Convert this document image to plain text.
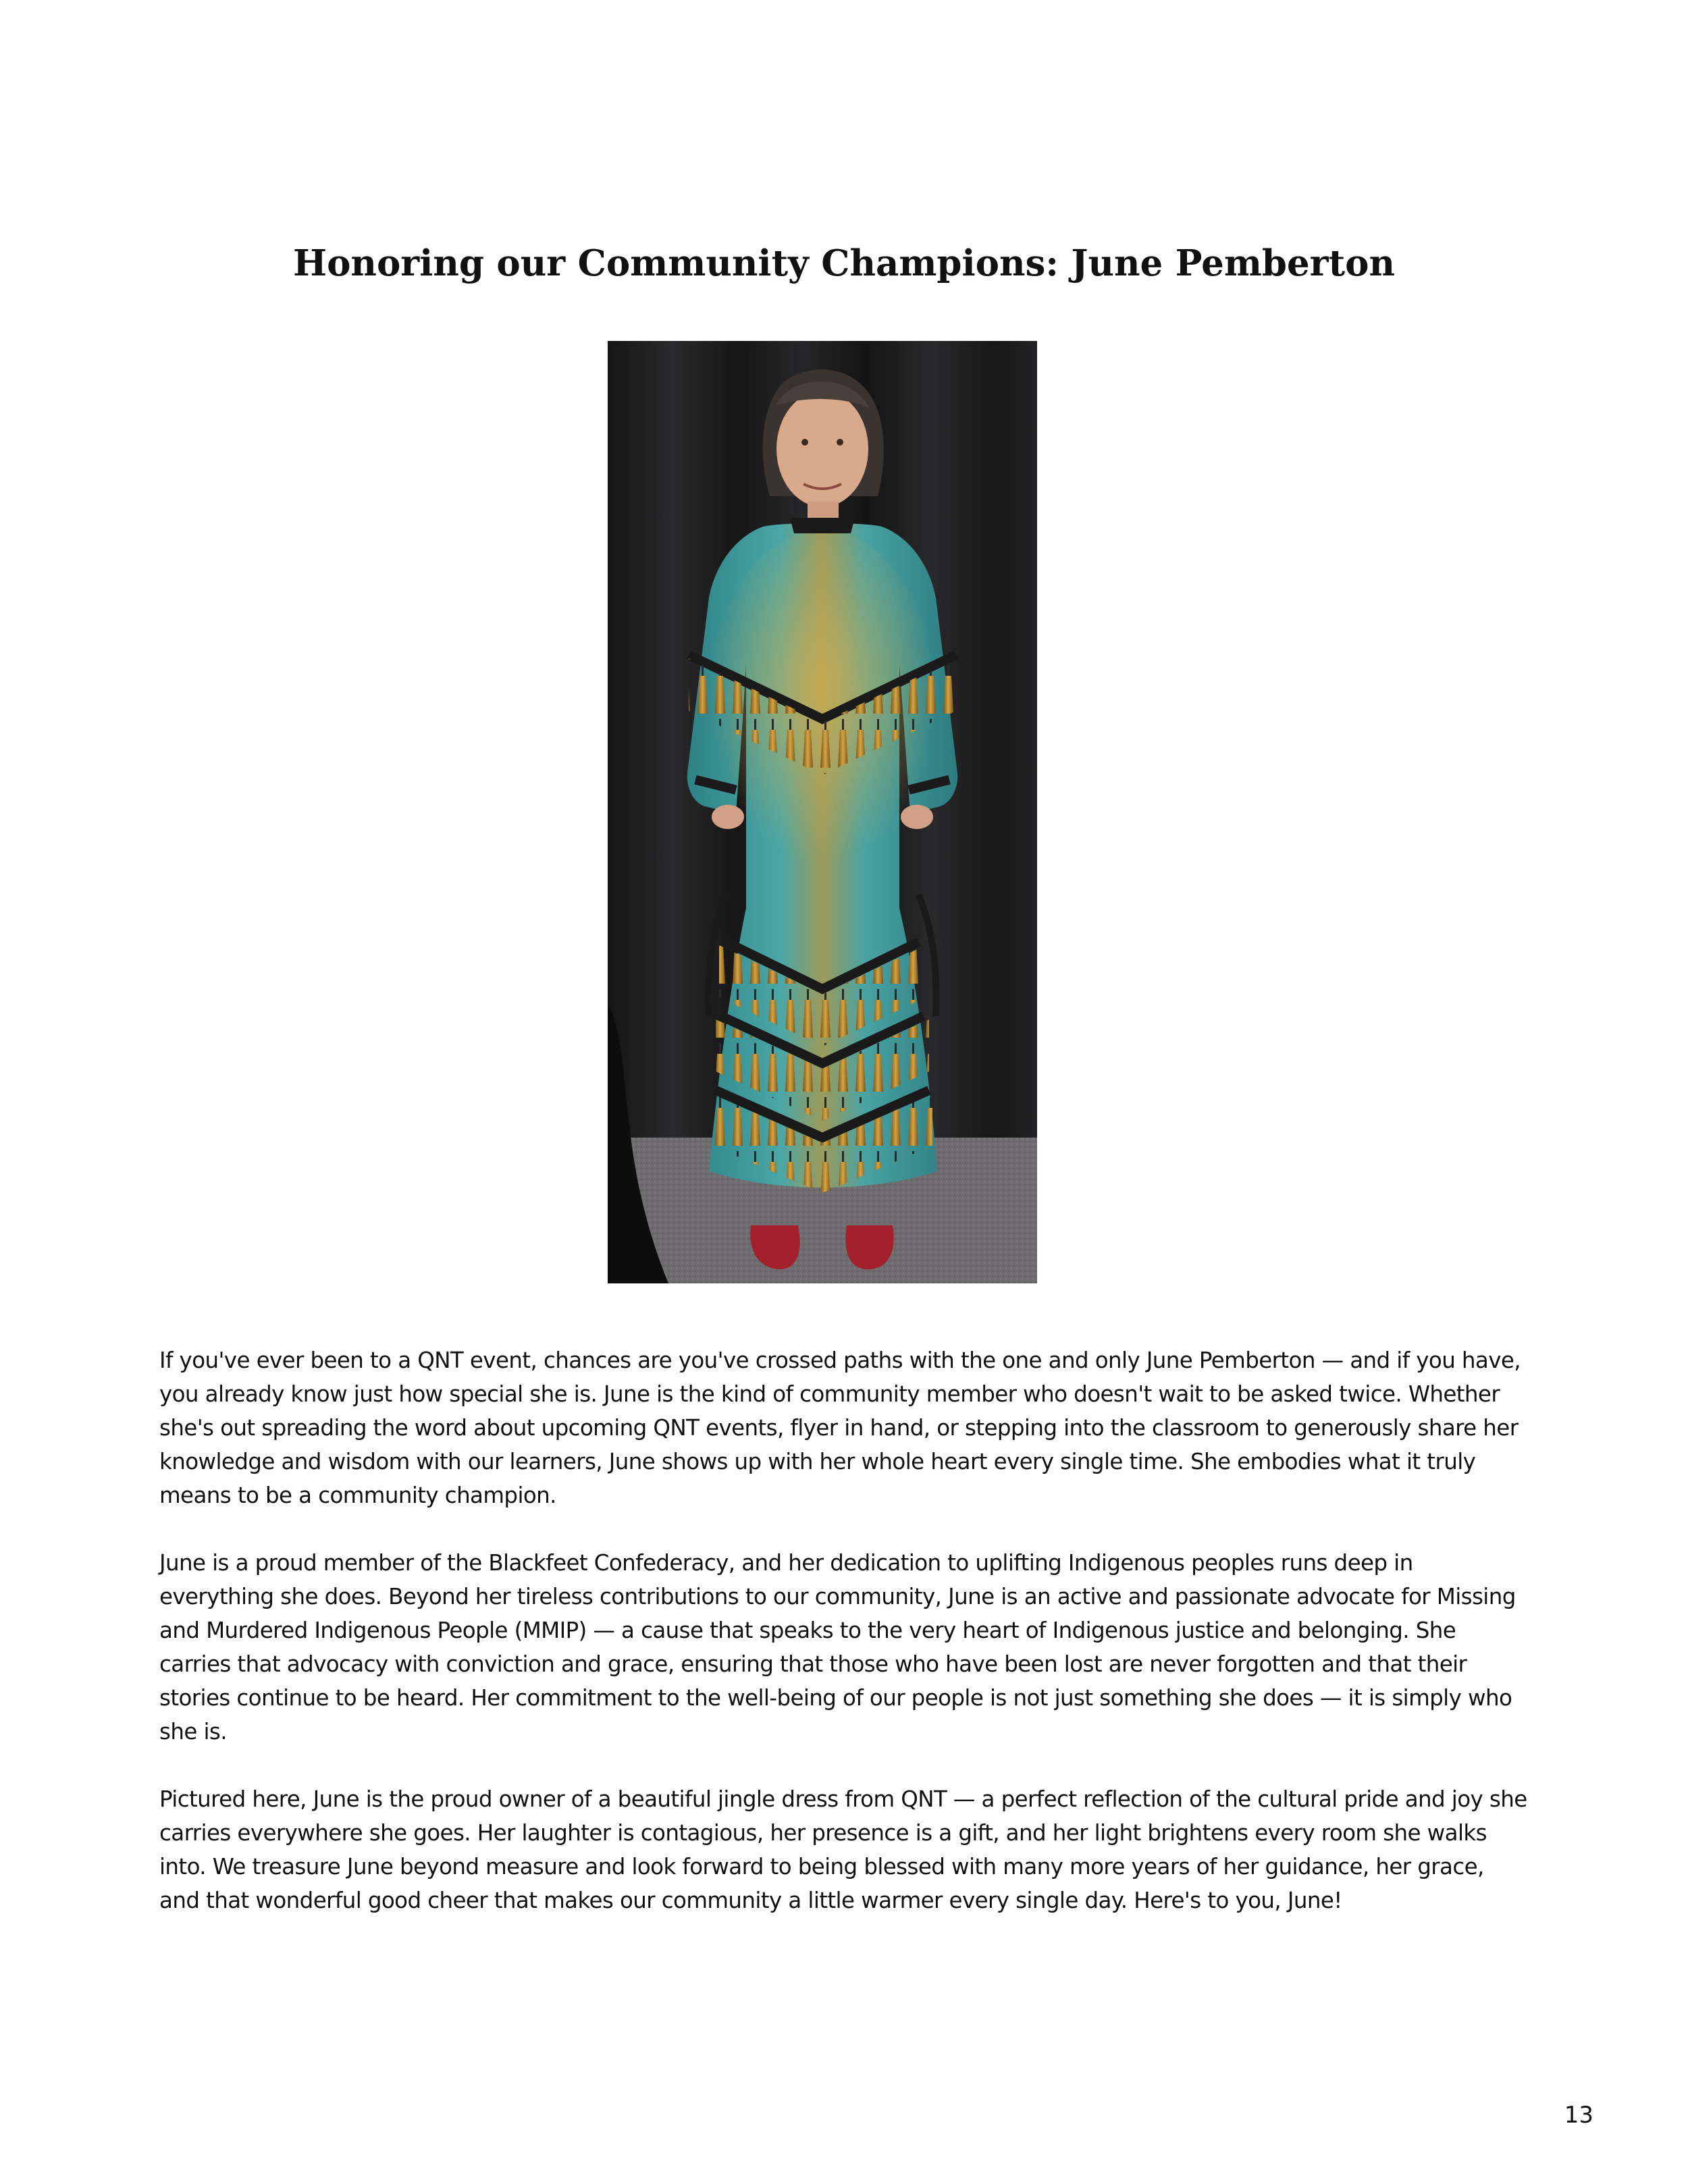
Honoring our Community Champions: June Pemberton

If you've ever been to a QNT event, chances are you've crossed paths with the one and only June Pemberton — and if you have, you already know just how special she is. June is the kind of community member who doesn't wait to be asked twice. Whether she's out spreading the word about upcoming QNT events, flyer in hand, or stepping into the classroom to generously share her knowledge and wisdom with our learners, June shows up with her whole heart every single time. She embodies what it truly means to be a community champion.

June is a proud member of the Blackfeet Confederacy, and her dedication to uplifting Indigenous peoples runs deep in everything she does. Beyond her tireless contributions to our community, June is an active and passionate advocate for Missing and Murdered Indigenous People (MMIP) — a cause that speaks to the very heart of Indigenous justice and belonging. She carries that advocacy with conviction and grace, ensuring that those who have been lost are never forgotten and that their stories continue to be heard. Her commitment to the well-being of our people is not just something she does — it is simply who she is.

Pictured here, June is the proud owner of a beautiful jingle dress from QNT — a perfect reflection of the cultural pride and joy she carries everywhere she goes. Her laughter is contagious, her presence is a gift, and her light brightens every room she walks into. We treasure June beyond measure and look forward to being blessed with many more years of her guidance, her grace, and that wonderful good cheer that makes our community a little warmer every single day. Here's to you, June!

13
